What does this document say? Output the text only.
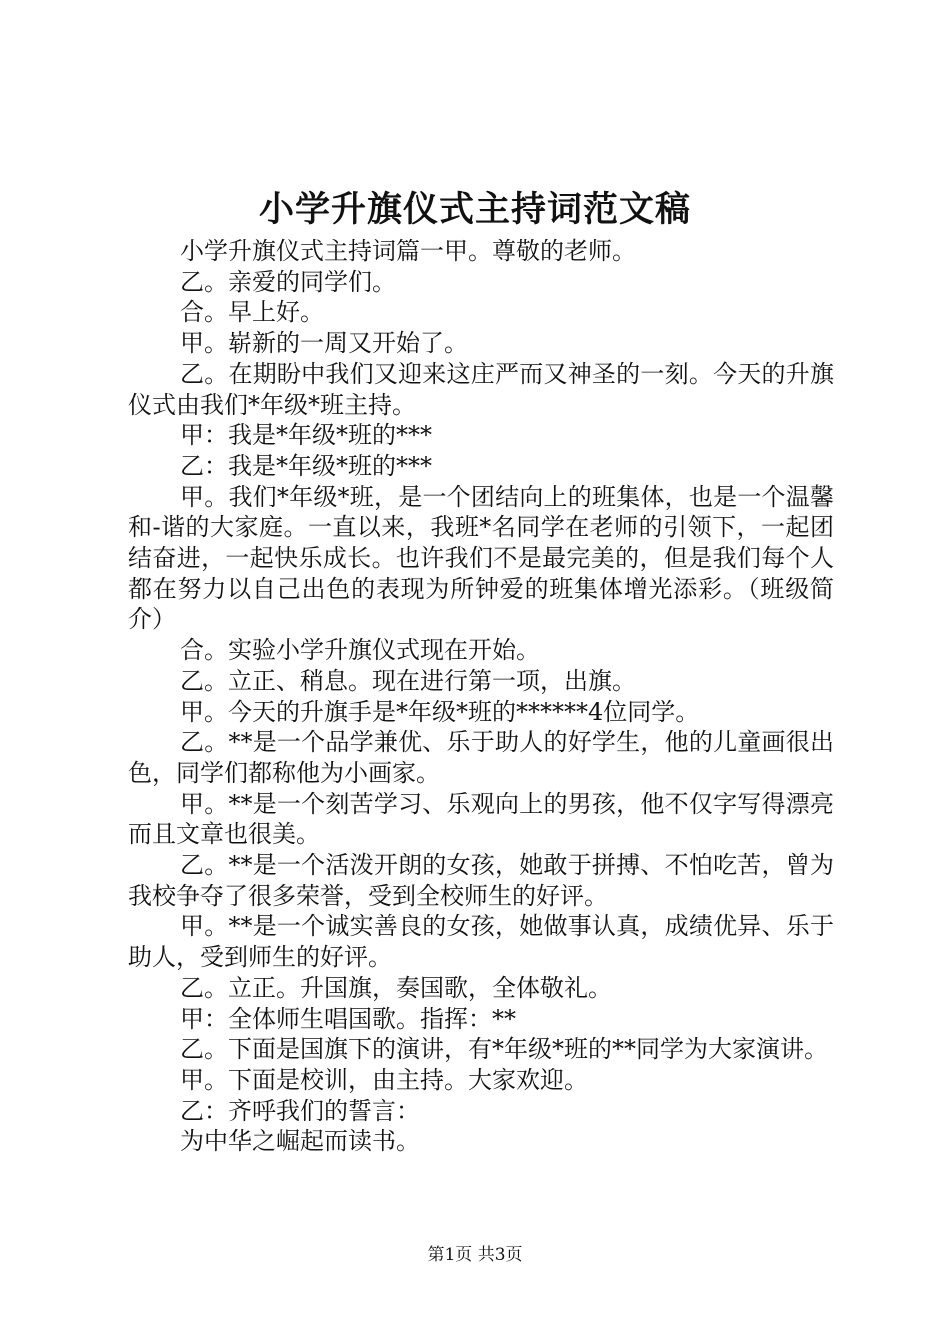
小学升旗仪式主持词范文稿

小学升旗仪式主持词篇一甲。尊敬的老师。

乙。亲爱的同学们。

合。早上好。

甲。崭新的一周又开始了。

乙。在期盼中我们又迎来这庄严而又神圣的一刻。今天的升旗仪式由我们*年级*班主持。

甲：我是*年级*班的***

乙：我是*年级*班的***

甲。我们*年级*班，是一个团结向上的班集体，也是一个温馨和-谐的大家庭。一直以来，我班*名同学在老师的引领下，一起团结奋进，一起快乐成长。也许我们不是最完美的，但是我们每个人都在努力以自己出色的表现为所钟爱的班集体增光添彩。（班级简介）

合。实验小学升旗仪式现在开始。

乙。立正、稍息。现在进行第一项，出旗。

甲。今天的升旗手是*年级*班的******4位同学。

乙。**是一个品学兼优、乐于助人的好学生，他的儿童画很出色，同学们都称他为小画家。

甲。**是一个刻苦学习、乐观向上的男孩，他不仅字写得漂亮而且文章也很美。

乙。**是一个活泼开朗的女孩，她敢于拼搏、不怕吃苦，曾为我校争夺了很多荣誉，受到全校师生的好评。

甲。**是一个诚实善良的女孩，她做事认真，成绩优异、乐于助人，受到师生的好评。

乙。立正。升国旗，奏国歌，全体敬礼。

甲：全体师生唱国歌。指挥：**

乙。下面是国旗下的演讲，有*年级*班的**同学为大家演讲。

甲。下面是校训，由主持。大家欢迎。

乙：齐呼我们的誓言：

为中华之崛起而读书。

第1页 共3页
